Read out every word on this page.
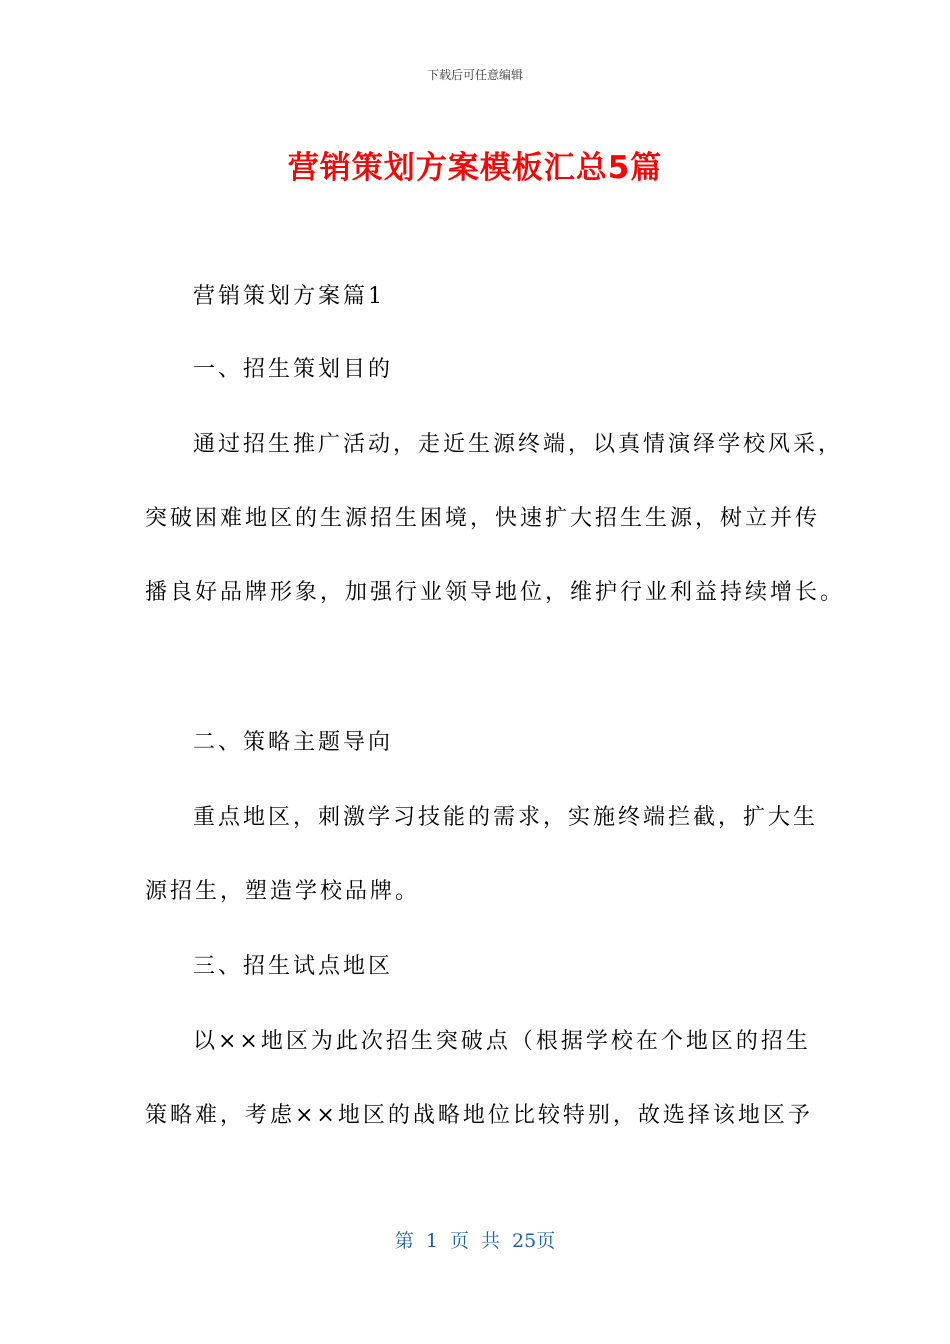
下载后可任意编辑
营销策划方案模板汇总5篇
营销策划方案篇1
一、招生策划目的
通过招生推广活动，走近生源终端，以真情演绎学校风采，
突破困难地区的生源招生困境，快速扩大招生生源，树立并传
播良好品牌形象，加强行业领导地位，维护行业利益持续增长。
二、策略主题导向
重点地区，刺激学习技能的需求，实施终端拦截，扩大生
源招生，塑造学校品牌。
三、招生试点地区
以××地区为此次招生突破点（根据学校在个地区的招生
策略难，考虑××地区的战略地位比较特别，故选择该地区予
第 1 页 共 25页
